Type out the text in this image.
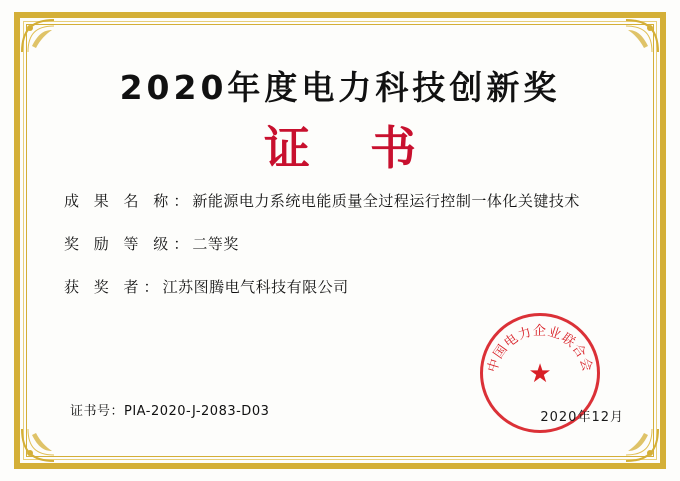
2020年度电力科技创新奖
证 书
成 果 名 称 ： 新能源电力系统电能质量全过程运行控制一体化关键技术
奖 励 等 级 ： 二等奖
获 奖 者 ： 江苏图腾电气科技有限公司
证书号：PIA-2020-J-2083-D03
中国电力企业联合会
★
2020年12月
